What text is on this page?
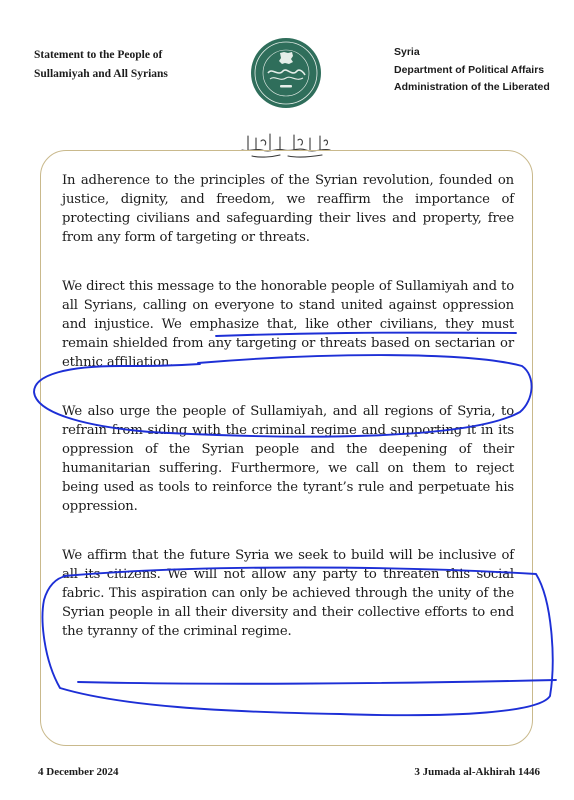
Statement to the People of
Sullamiyah and All Syrians
Syria
Department of Political Affairs
Administration of the Liberated

In adherence to the principles of the Syrian revolution, founded on justice, dignity, and freedom, we reaffirm the importance of protecting civilians and safeguarding their lives and property, free from any form of targeting or threats.

We direct this message to the honorable people of Sullamiyah and to all Syrians, calling on everyone to stand united against oppression and injustice. We emphasize that, like other civilians, they must remain shielded from any targeting or threats based on sectarian or ethnic affiliation.

We also urge the people of Sullamiyah, and all regions of Syria, to refrain from siding with the criminal regime and supporting it in its oppression of the Syrian people and the deepening of their humanitarian suffering. Furthermore, we call on them to reject being used as tools to reinforce the tyrant’s rule and perpetuate his oppression.

We affirm that the future Syria we seek to build will be inclusive of all its citizens. We will not allow any party to threaten this social fabric. This aspiration can only be achieved through the unity of the Syrian people in all their diversity and their collective efforts to end the tyranny of the criminal regime.

4 December 2024	3 Jumada al-Akhirah 1446
